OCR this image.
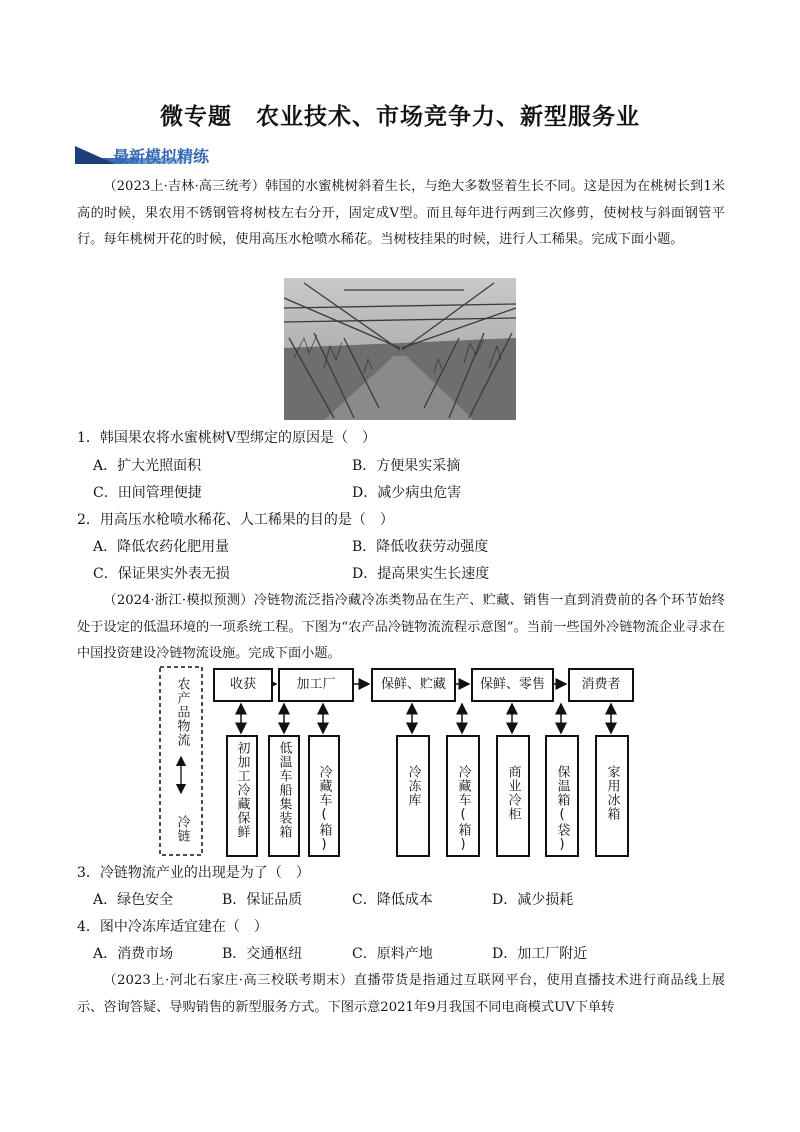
微专题　农业技术、市场竞争力、新型服务业
最新模拟精练
（2023上·吉林·高三统考）韩国的水蜜桃树斜着生长，与绝大多数竖着生长不同。这是因为在桃树长到1米高的时候，果农用不锈钢管将树枝左右分开，固定成V型。而且每年进行两到三次修剪，使树枝与斜面钢管平行。每年桃树开花的时候，使用高压水枪喷水稀花。当树枝挂果的时候，进行人工稀果。完成下面小题。
1．韩国果农将水蜜桃树V型绑定的原因是（　）
A．扩大光照面积	B．方便果实采摘
C．田间管理便捷	D．减少病虫危害
2．用高压水枪喷水稀花、人工稀果的目的是（　）
A．降低农药化肥用量	B．降低收获劳动强度
C．保证果实外表无损	D．提高果实生长速度
（2024·浙江·模拟预测）冷链物流泛指冷藏冷冻类物品在生产、贮藏、销售一直到消费前的各个环节始终处于设定的低温环境的一项系统工程。下图为“农产品冷链物流流程示意图”。当前一些国外冷链物流企业寻求在中国投资建设冷链物流设施。完成下面小题。
农产品物流
冷链
收获	加工厂	保鲜、贮藏	保鲜、零售	消费者
初加工冷藏保鲜	低温车船集装箱	冷藏车(箱)	冷冻库	冷藏车(箱)	商业冷柜	保温箱(袋)	家用冰箱
3．冷链物流产业的出现是为了（　）
A．绿色安全	B．保证品质	C．降低成本	D．减少损耗
4．图中冷冻库适宜建在（　）
A．消费市场	B．交通枢纽	C．原料产地	D．加工厂附近
（2023上·河北石家庄·高三校联考期末）直播带货是指通过互联网平台，使用直播技术进行商品线上展示、咨询答疑、导购销售的新型服务方式。下图示意2021年9月我国不同电商模式UV下单转
